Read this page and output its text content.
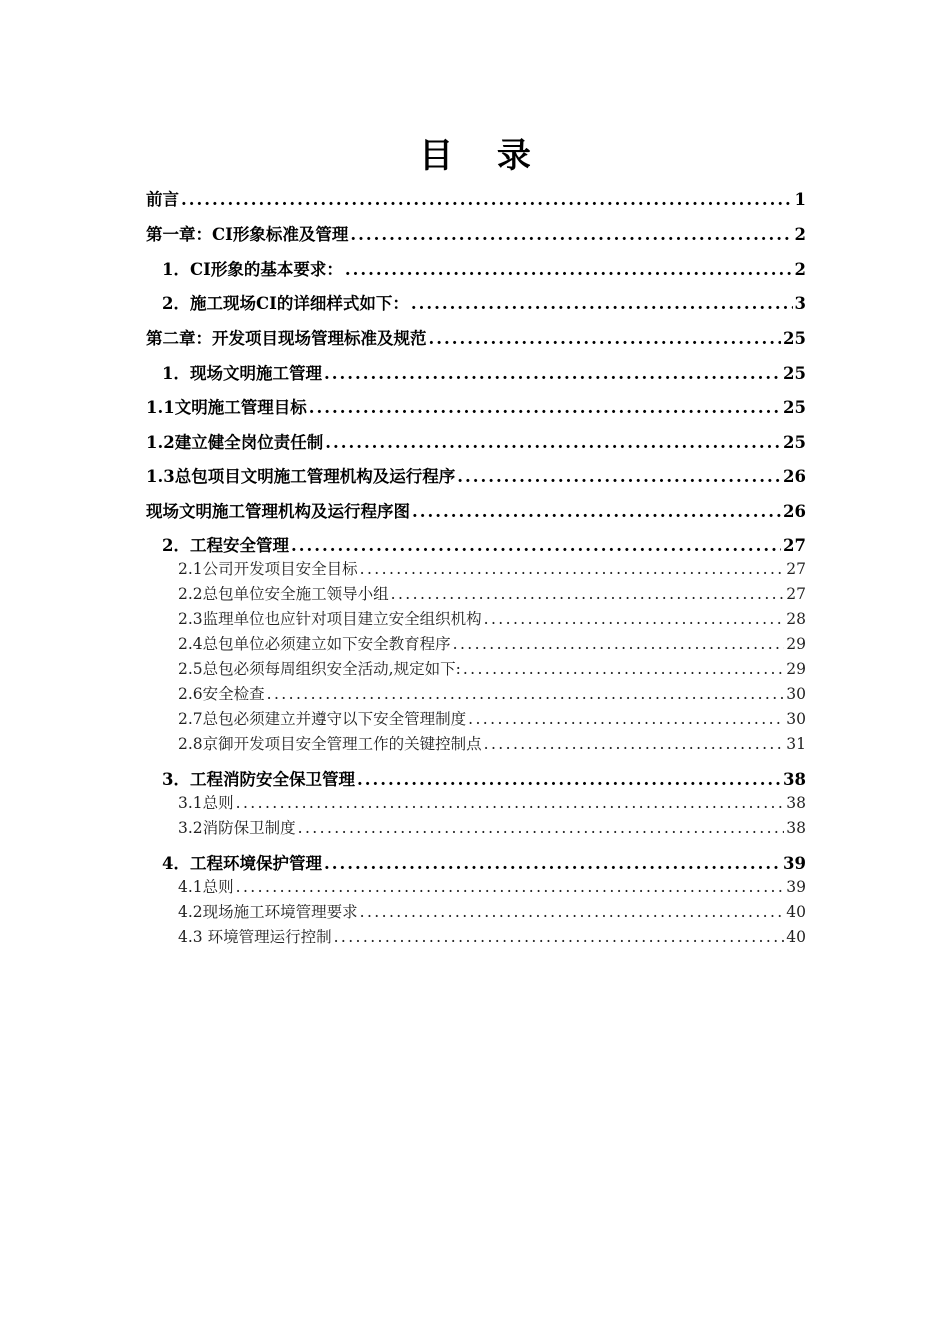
目 录
前言 .....	1
第一章：CI形象标准及管理 .....	2
1．CI形象的基本要求： .....	2
2．施工现场CI的详细样式如下： .....	3
第二章：开发项目现场管理标准及规范 .....	25
1．现场文明施工管理 .....	25
1.1文明施工管理目标 .....	25
1.2建立健全岗位责任制 .....	25
1.3总包项目文明施工管理机构及运行程序 .....	26
现场文明施工管理机构及运行程序图 .....	26
2．工程安全管理 .....	27
2.1公司开发项目安全目标 .....	27
2.2总包单位安全施工领导小组 .....	27
2.3监理单位也应针对项目建立安全组织机构 .....	28
2.4总包单位必须建立如下安全教育程序 .....	29
2.5总包必须每周组织安全活动,规定如下: .....	29
2.6安全检查 .....	30
2.7总包必须建立并遵守以下安全管理制度 .....	30
2.8京御开发项目安全管理工作的关键控制点 .....	31
3．工程消防安全保卫管理 .....	38
3.1总则 .....	38
3.2消防保卫制度 .....	38
4．工程环境保护管理 .....	39
4.1总则 .....	39
4.2现场施工环境管理要求 .....	40
4.3 环境管理运行控制 .....	40
